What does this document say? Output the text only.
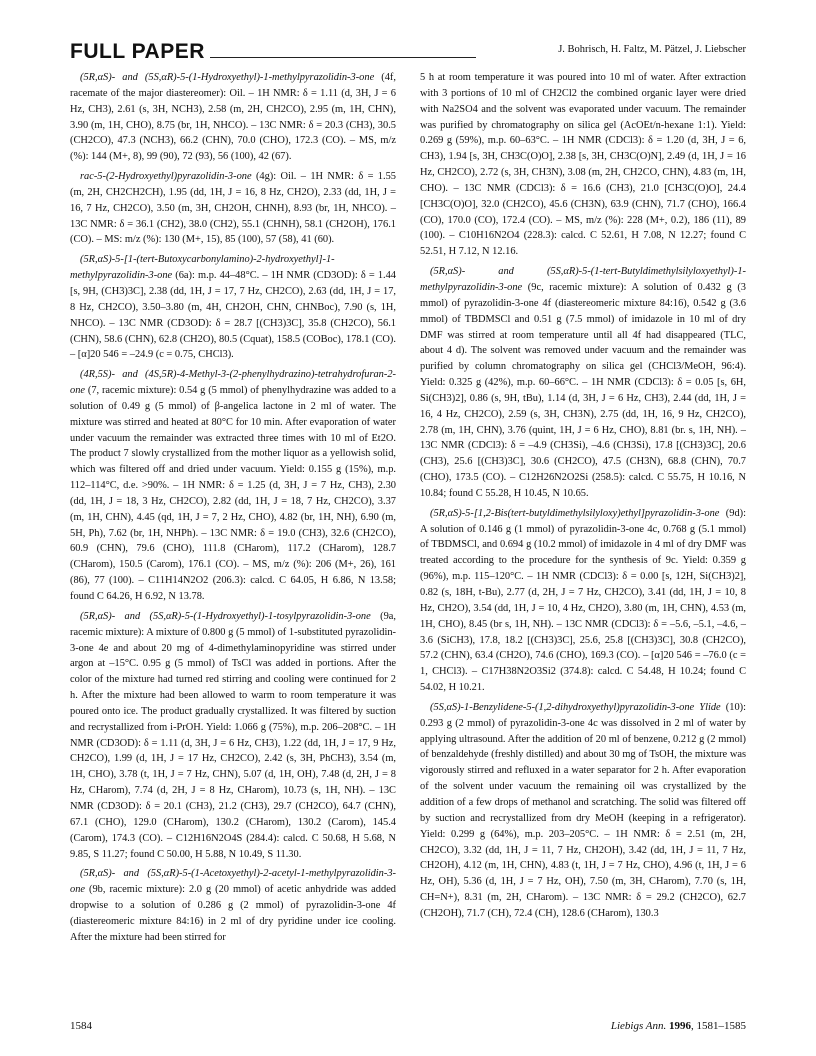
FULL PAPER	J. Bohrisch, H. Faltz, M. Pätzel, J. Liebscher

(5R,αS)- and (5S,αR)-5-(1-Hydroxyethyl)-1-methylpyrazolidin-3-one (4f, racemate of the major diastereomer): Oil. – 1H NMR: δ = 1.11 (d, 3H, J = 6 Hz, CH3), 2.61 (s, 3H, NCH3), 2.58 (m, 2H, CH2CO), 2.95 (m, 1H, CHN), 3.90 (m, 1H, CHO), 8.75 (br, 1H, NHCO). – 13C NMR: δ = 20.3 (CH3), 30.5 (CH2CO), 47.3 (NCH3), 66.2 (CHN), 70.0 (CHO), 172.3 (CO). – MS, m/z (%): 144 (M+, 8), 99 (90), 72 (93), 56 (100), 42 (67).

rac-5-(2-Hydroxyethyl)pyrazolidin-3-one (4g): Oil. – 1H NMR: δ = 1.55 (m, 2H, CH2CH2CH), 1.95 (dd, 1H, J = 16, 8 Hz, CH2O), 2.33 (dd, 1H, J = 16, 7 Hz, CH2CO), 3.50 (m, 3H, CH2OH, CHNH), 8.93 (br, 1H, NHCO). – 13C NMR: δ = 36.1 (CH2), 38.0 (CH2), 55.1 (CHNH), 58.1 (CH2OH), 176.1 (CO). – MS: m/z (%): 130 (M+, 15), 85 (100), 57 (58), 41 (60).

(5R,αS)-5-[1-(tert-Butoxycarbonylamino)-2-hydroxyethyl]-1-methylpyrazolidin-3-one (6a): m.p. 44–48°C. – 1H NMR (CD3OD): δ = 1.44 [s, 9H, (CH3)3C], 2.38 (dd, 1H, J = 17, 7 Hz, CH2CO), 2.63 (dd, 1H, J = 17, 8 Hz, CH2CO), 3.50–3.80 (m, 4H, CH2OH, CHN, CHNBoc), 7.90 (s, 1H, NHCO). – 13C NMR (CD3OD): δ = 28.7 [(CH3)3C], 35.8 (CH2CO), 56.1 (CHN), 58.6 (CHN), 62.8 (CH2O), 80.5 (Cquat), 158.5 (COBoc), 178.1 (CO). – [α]20 546 = –24.9 (c = 0.75, CHCl3).

(4R,5S)- and (4S,5R)-4-Methyl-3-(2-phenylhydrazino)-tetrahydrofuran-2-one (7, racemic mixture): 0.54 g (5 mmol) of phenylhydrazine was added to a solution of 0.49 g (5 mmol) of β-angelica lactone in 2 ml of water. The mixture was stirred and heated at 80°C for 10 min. After evaporation of water under vacuum the remainder was extracted three times with 10 ml of Et2O. The product 7 slowly crystallized from the mother liquor as a yellowish solid, which was filtered off and dried under vacuum. Yield: 0.155 g (15%), m.p. 112–114°C, d.e. >90%. – 1H NMR: δ = 1.25 (d, 3H, J = 7 Hz, CH3), 2.30 (dd, 1H, J = 18, 3 Hz, CH2CO), 2.82 (dd, 1H, J = 18, 7 Hz, CH2CO), 3.37 (m, 1H, CHN), 4.45 (qd, 1H, J = 7, 2 Hz, CHO), 4.82 (br, 1H, NH), 6.90 (m, 5H, Ph), 7.62 (br, 1H, NHPh). – 13C NMR: δ = 19.0 (CH3), 32.6 (CH2CO), 60.9 (CHN), 79.6 (CHO), 111.8 (CHarom), 117.2 (CHarom), 128.7 (CHarom), 150.5 (Carom), 176.1 (CO). – MS, m/z (%): 206 (M+, 26), 161 (86), 77 (100). – C11H14N2O2 (206.3): calcd. C 64.05, H 6.86, N 13.58; found C 64.26, H 6.92, N 13.78.

(5R,αS)- and (5S,αR)-5-(1-Hydroxyethyl)-1-tosylpyrazolidin-3-one (9a, racemic mixture): A mixture of 0.800 g (5 mmol) of 1-substituted pyrazolidin-3-one 4e and about 20 mg of 4-dimethylaminopyridine was stirred under argon at –15°C. 0.95 g (5 mmol) of TsCl was added in portions. After the color of the mixture had turned red stirring and cooling were continued for 2 h. After the mixture had been allowed to warm to room temperature it was poured onto ice. The product gradually crystallized. It was filtered by suction and recrystallized from i-PrOH. Yield: 1.066 g (75%), m.p. 206–208°C. – 1H NMR (CD3OD): δ = 1.11 (d, 3H, J = 6 Hz, CH3), 1.22 (dd, 1H, J = 17, 9 Hz, CH2CO), 1.99 (d, 1H, J = 17 Hz, CH2CO), 2.42 (s, 3H, PhCH3), 3.54 (m, 1H, CHO), 3.78 (t, 1H, J = 7 Hz, CHN), 5.07 (d, 1H, OH), 7.48 (d, 2H, J = 8 Hz, CHarom), 7.74 (d, 2H, J = 8 Hz, CHarom), 10.73 (s, 1H, NH). – 13C NMR (CD3OD): δ = 20.1 (CH3), 21.2 (CH3), 29.7 (CH2CO), 64.7 (CHN), 67.1 (CHO), 129.0 (CHarom), 130.2 (CHarom), 130.2 (Carom), 145.4 (Carom), 174.3 (CO). – C12H16N2O4S (284.4): calcd. C 50.68, H 5.68, N 9.85, S 11.27; found C 50.00, H 5.88, N 10.49, S 11.30.

(5R,αS)- and (5S,αR)-5-(1-Acetoxyethyl)-2-acetyl-1-methylpyrazolidin-3-one (9b, racemic mixture): 2.0 g (20 mmol) of acetic anhydride was added dropwise to a solution of 0.286 g (2 mmol) of pyrazolidin-3-one 4f (diastereomeric mixture 84:16) in 2 ml of dry pyridine under ice cooling. After the mixture had been stirred for

5 h at room temperature it was poured into 10 ml of water. After extraction with 3 portions of 10 ml of CH2Cl2 the combined organic layer were dried with Na2SO4 and the solvent was evaporated under vacuum. The remainder was purified by chromatography on silica gel (AcOEt/n-hexane 1:1). Yield: 0.269 g (59%), m.p. 60–63°C. – 1H NMR (CDCl3): δ = 1.20 (d, 3H, J = 6, CH3), 1.94 [s, 3H, CH3C(O)O], 2.38 [s, 3H, CH3C(O)N], 2.49 (d, 1H, J = 16 Hz, CH2CO), 2.72 (s, 3H, CH3N), 3.08 (m, 2H, CH2CO, CHN), 4.83 (m, 1H, CHO). – 13C NMR (CDCl3): δ = 16.6 (CH3), 21.0 [CH3C(O)O], 24.4 [CH3C(O)O], 32.0 (CH2CO), 45.6 (CH3N), 63.9 (CHN), 71.7 (CHO), 166.4 (CO), 170.0 (CO), 172.4 (CO). – MS, m/z (%): 228 (M+, 0.2), 186 (11), 89 (100). – C10H16N2O4 (228.3): calcd. C 52.61, H 7.08, N 12.27; found C 52.51, H 7.12, N 12.16.

(5R,αS)- and (5S,αR)-5-(1-tert-Butyldimethylsilyloxyethyl)-1-methylpyrazolidin-3-one (9c, racemic mixture): A solution of 0.432 g (3 mmol) of pyrazolidin-3-one 4f (diastereomeric mixture 84:16), 0.542 g (3.6 mmol) of TBDMSCl and 0.51 g (7.5 mmol) of imidazole in 10 ml of dry DMF was stirred at room temperature until all 4f had disappeared (TLC, about 4 d). The solvent was removed under vacuum and the remainder was purified by column chromatography on silica gel (CHCl3/MeOH, 96:4). Yield: 0.325 g (42%), m.p. 60–66°C. – 1H NMR (CDCl3): δ = 0.05 [s, 6H, Si(CH3)2], 0.86 (s, 9H, tBu), 1.14 (d, 3H, J = 6 Hz, CH3), 2.44 (dd, 1H, J = 16, 4 Hz, CH2CO), 2.59 (s, 3H, CH3N), 2.75 (dd, 1H, 16, 9 Hz, CH2CO), 2.78 (m, 1H, CHN), 3.76 (quint, 1H, J = 6 Hz, CHO), 8.81 (br. s, 1H, NH). – 13C NMR (CDCl3): δ = –4.9 (CH3Si), –4.6 (CH3Si), 17.8 [(CH3)3C], 20.6 (CH3), 25.6 [(CH3)3C], 30.6 (CH2CO), 47.5 (CH3N), 68.8 (CHN), 70.7 (CHO), 173.5 (CO). – C12H26N2O2Si (258.5): calcd. C 55.75, H 10.16, N 10.84; found C 55.28, H 10.45, N 10.65.

(5R,αS)-5-[1,2-Bis(tert-butyldimethylsilyloxy)ethyl]pyrazolidin-3-one (9d): A solution of 0.146 g (1 mmol) of pyrazolidin-3-one 4c, 0.768 g (5.1 mmol) of TBDMSCl, and 0.694 g (10.2 mmol) of imidazole in 4 ml of dry DMF was treated according to the procedure for the synthesis of 9c. Yield: 0.359 g (96%), m.p. 115–120°C. – 1H NMR (CDCl3): δ = 0.00 [s, 12H, Si(CH3)2], 0.82 (s, 18H, t-Bu), 2.77 (d, 2H, J = 7 Hz, CH2CO), 3.41 (dd, 1H, J = 10, 8 Hz, CH2O), 3.54 (dd, 1H, J = 10, 4 Hz, CH2O), 3.80 (m, 1H, CHN), 4.53 (m, 1H, CHO), 8.45 (br s, 1H, NH). – 13C NMR (CDCl3): δ = –5.6, –5.1, –4.6, –3.6 (SiCH3), 17.8, 18.2 [(CH3)3C], 25.6, 25.8 [(CH3)3C], 30.8 (CH2CO), 57.2 (CHN), 63.4 (CH2O), 74.6 (CHO), 169.3 (CO). – [α]20 546 = –76.0 (c = 1, CHCl3). – C17H38N2O3Si2 (374.8): calcd. C 54.48, H 10.24; found C 54.02, H 10.21.

(5S,αS)-1-Benzylidene-5-(1,2-dihydroxyethyl)pyrazolidin-3-one Ylide (10): 0.293 g (2 mmol) of pyrazolidin-3-one 4c was dissolved in 2 ml of water by applying ultrasound. After the addition of 20 ml of benzene, 0.212 g (2 mmol) of benzaldehyde (freshly distilled) and about 30 mg of TsOH, the mixture was vigorously stirred and refluxed in a water separator for 2 h. After evaporation of the solvent under vacuum the remaining oil was crystallized by the addition of a few drops of methanol and scratching. The solid was filtered off by suction and recrystallized from dry MeOH (keeping in a refrigerator). Yield: 0.299 g (64%), m.p. 203–205°C. – 1H NMR: δ = 2.51 (m, 2H, CH2CO), 3.32 (dd, 1H, J = 11, 7 Hz, CH2OH), 3.42 (dd, 1H, J = 11, 7 Hz, CH2OH), 4.12 (m, 1H, CHN), 4.83 (t, 1H, J = 7 Hz, CHO), 4.96 (t, 1H, J = 6 Hz, OH), 5.36 (d, 1H, J = 7 Hz, OH), 7.50 (m, 3H, CHarom), 7.70 (s, 1H, CH=N+), 8.31 (m, 2H, CHarom). – 13C NMR: δ = 29.2 (CH2CO), 62.7 (CH2OH), 71.7 (CH), 72.4 (CH), 128.6 (CHarom), 130.3

1584	Liebigs Ann. 1996, 1581–1585
